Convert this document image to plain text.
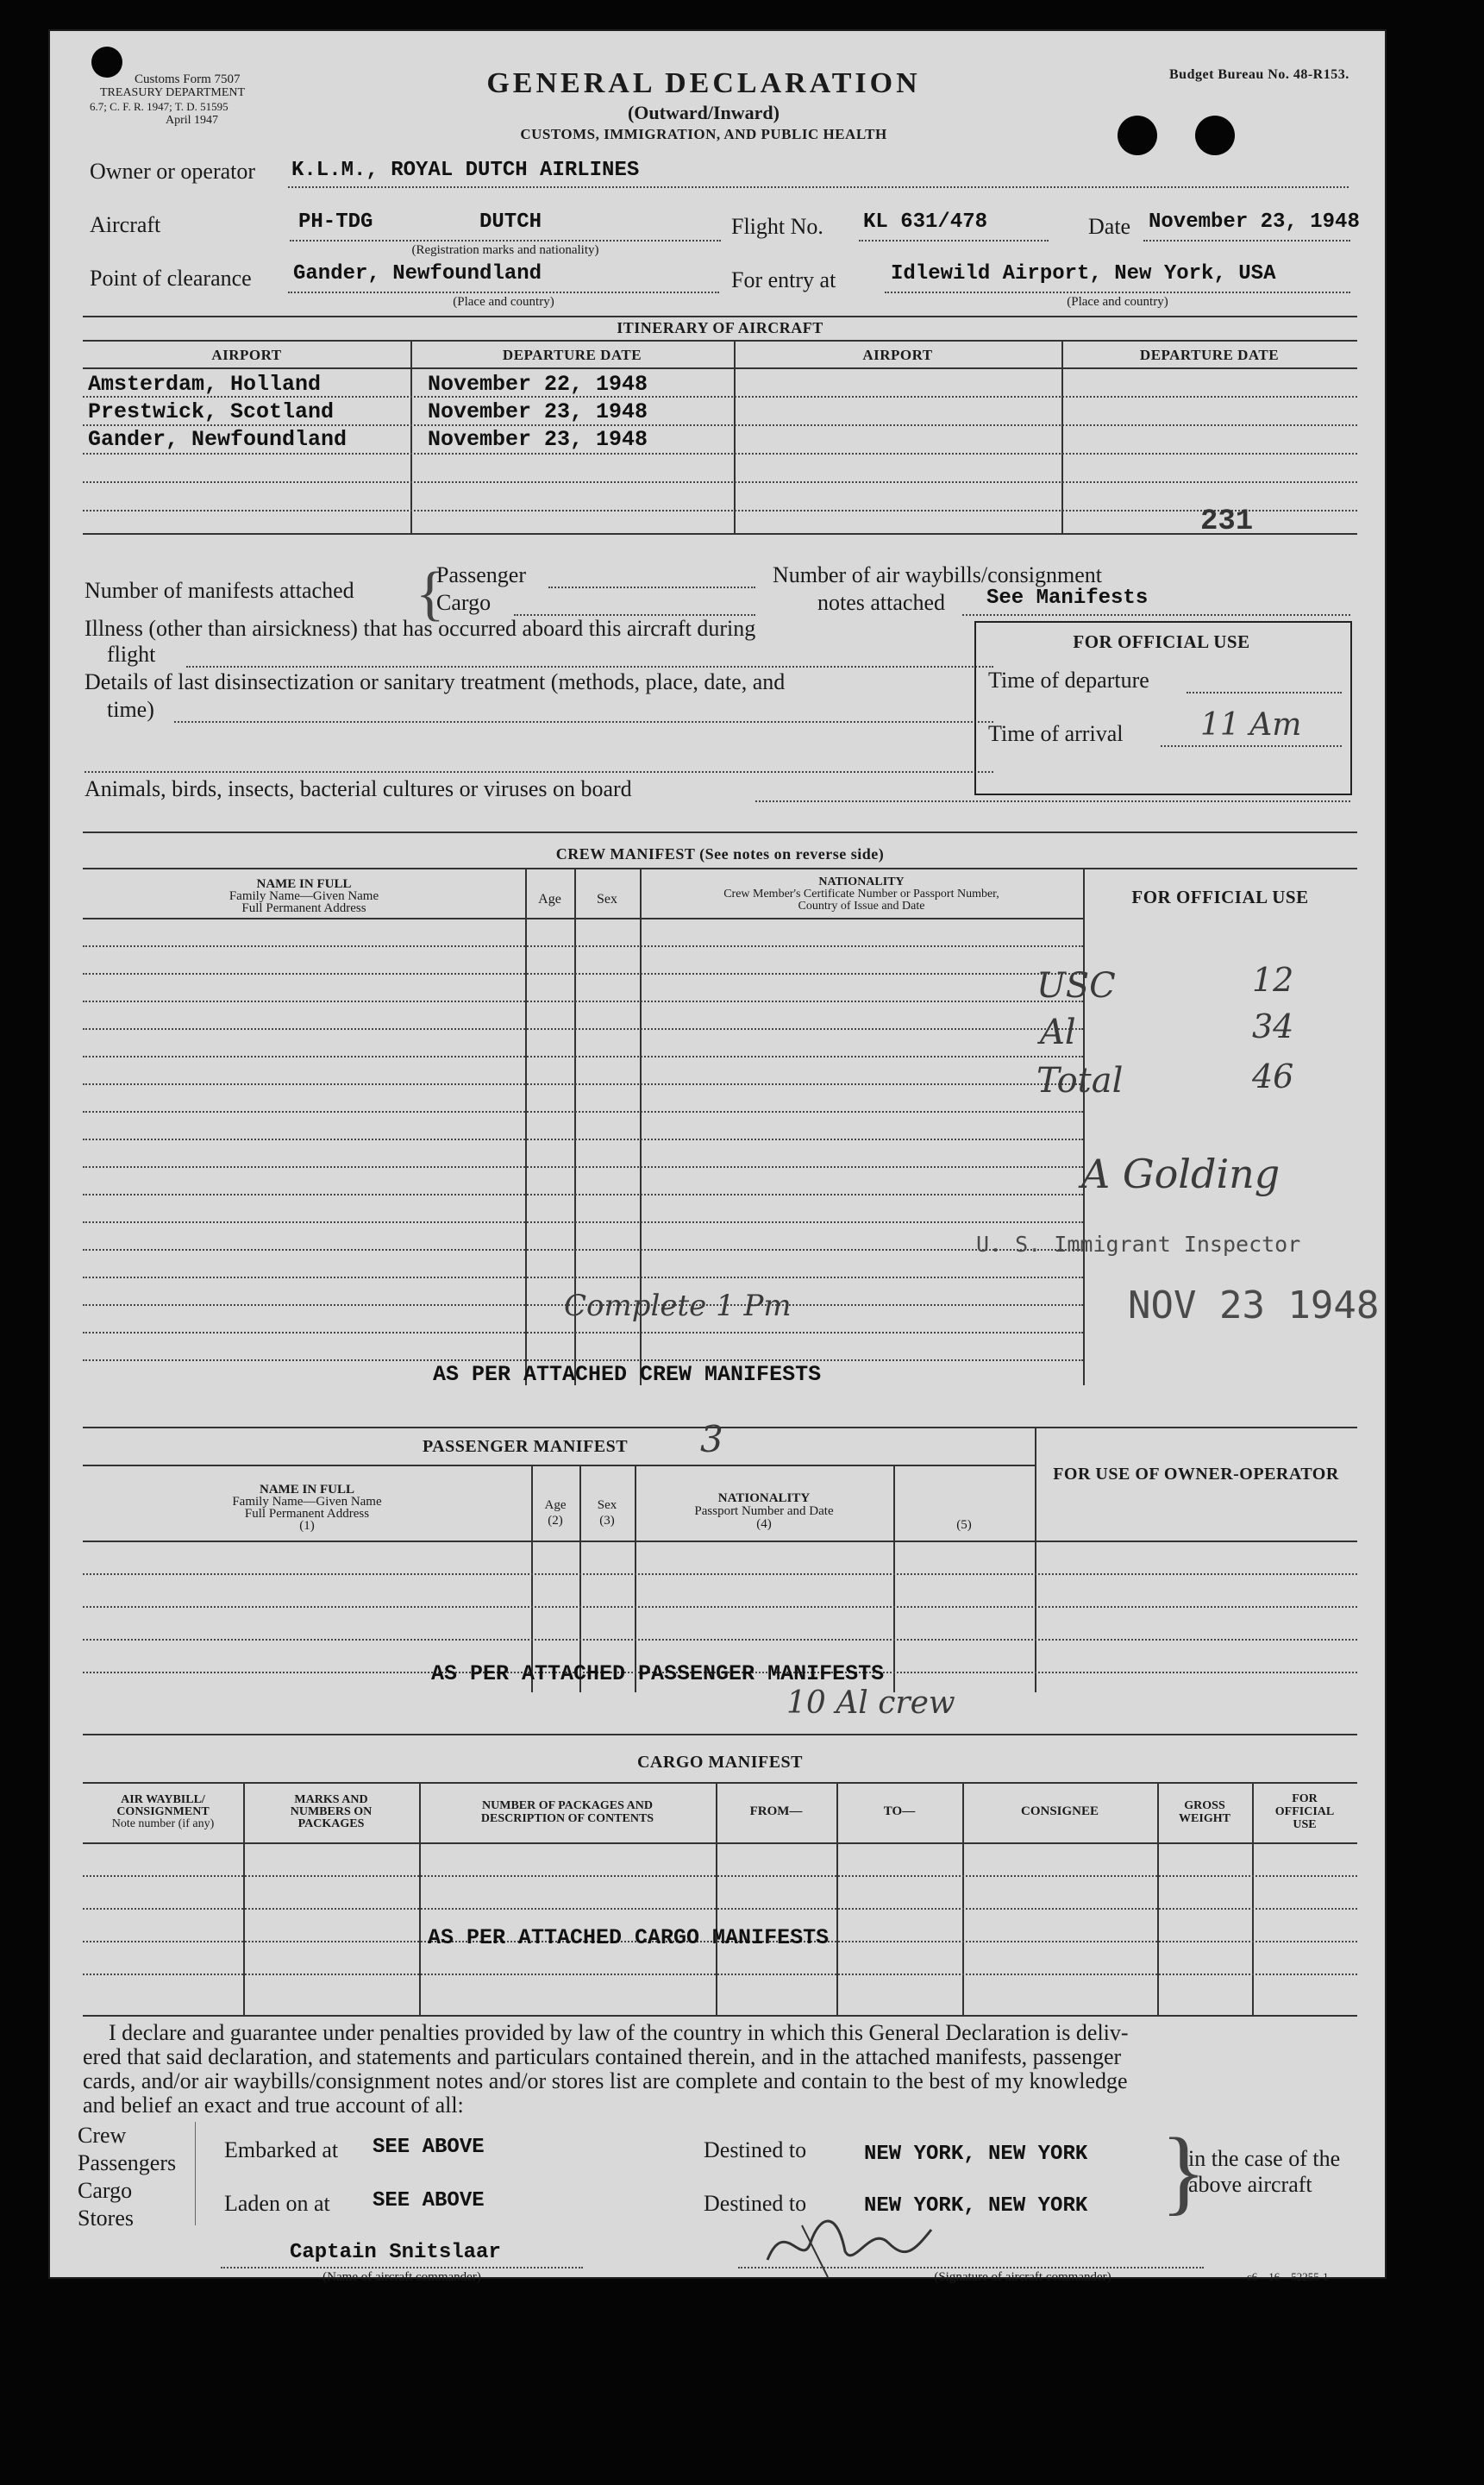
Customs Form 7507
TREASURY DEPARTMENT
6.7; C. F. R. 1947; T. D. 51595
April 1947
GENERAL DECLARATION
(Outward/Inward)
CUSTOMS, IMMIGRATION, AND PUBLIC HEALTH
Budget Bureau No. 48-R153.
Owner or operator K.L.M., ROYAL DUTCH AIRLINES
Aircraft	PH-TDG	DUTCH
(Registration marks and nationality)
Flight No. KL 631/478	Date November 23, 1948
Point of clearance Gander, Newfoundland
(Place and country)
For entry at	Idlewild Airport, New York, USA
(Place and country)
ITINERARY OF AIRCRAFT
AIRPORT	DEPARTURE DATE	AIRPORT	DEPARTURE DATE
Amsterdam, Holland	November 22, 1948
Prestwick, Scotland	November 23, 1948
Gander, Newfoundland	November 23, 1948
231
Number of manifests attached {
Passenger
Cargo
Number of air waybills/consignment
notes attached See Manifests
Illness (other than airsickness) that has occurred aboard this aircraft during
flight
Details of last disinsectization or sanitary treatment (methods, place, date, and
time)
Animals, birds, insects, bacterial cultures or viruses on board
FOR OFFICIAL USE
Time of departure
Time of arrival 11 Am
CREW MANIFEST (See notes on reverse side)
NAME IN FULL
Family Name—Given Name
Full Permanent Address
Age	Sex
NATIONALITY
Crew Member's Certificate Number or Passport Number,
Country of Issue and Date	FOR OFFICIAL USE
Complete 1 Pm
AS PER ATTACHED CREW MANIFESTS
USC	12
Al	34
Total	46
A Golding
U. S. Immigrant Inspector
NOV 23 1948
PASSENGER MANIFEST 3
FOR USE OF OWNER-OPERATOR
NAME IN FULL
Family Name—Given Name
Full Permanent Address
(1)
Age
(2)
Sex
(3)
NATIONALITY
Passport Number and Date
(4)	(5)
AS PER ATTACHED PASSENGER MANIFESTS
10 Al crew
CARGO MANIFEST
AIR WAYBILL/
CONSIGNMENT
Note number (if any)
MARKS AND
NUMBERS ON
PACKAGES
NUMBER OF PACKAGES AND
DESCRIPTION OF CONTENTS
FROM—	TO—	CONSIGNEE	GROSS
WEIGHT
FOR
OFFICIAL
USE
AS PER ATTACHED CARGO MANIFESTS
I declare and guarantee under penalties provided by law of the country in which this General Declaration is deliv-
ered that said declaration, and statements and particulars contained therein, and in the attached manifests, passenger
cards, and/or air waybills/consignment notes and/or stores list are complete and contain to the best of my knowledge
and belief an exact and true account of all:
Crew
Passengers
Cargo
Stores
Embarked at SEE ABOVE
Laden on at SEE ABOVE
Destined to	NEW YORK, NEW YORK
Destined to	NEW YORK, NEW YORK }
in the case of the
above aircraft
Captain Snitslaar
(Name of aircraft commander)	(Signature of aircraft commander)	c6—16—52255-1
